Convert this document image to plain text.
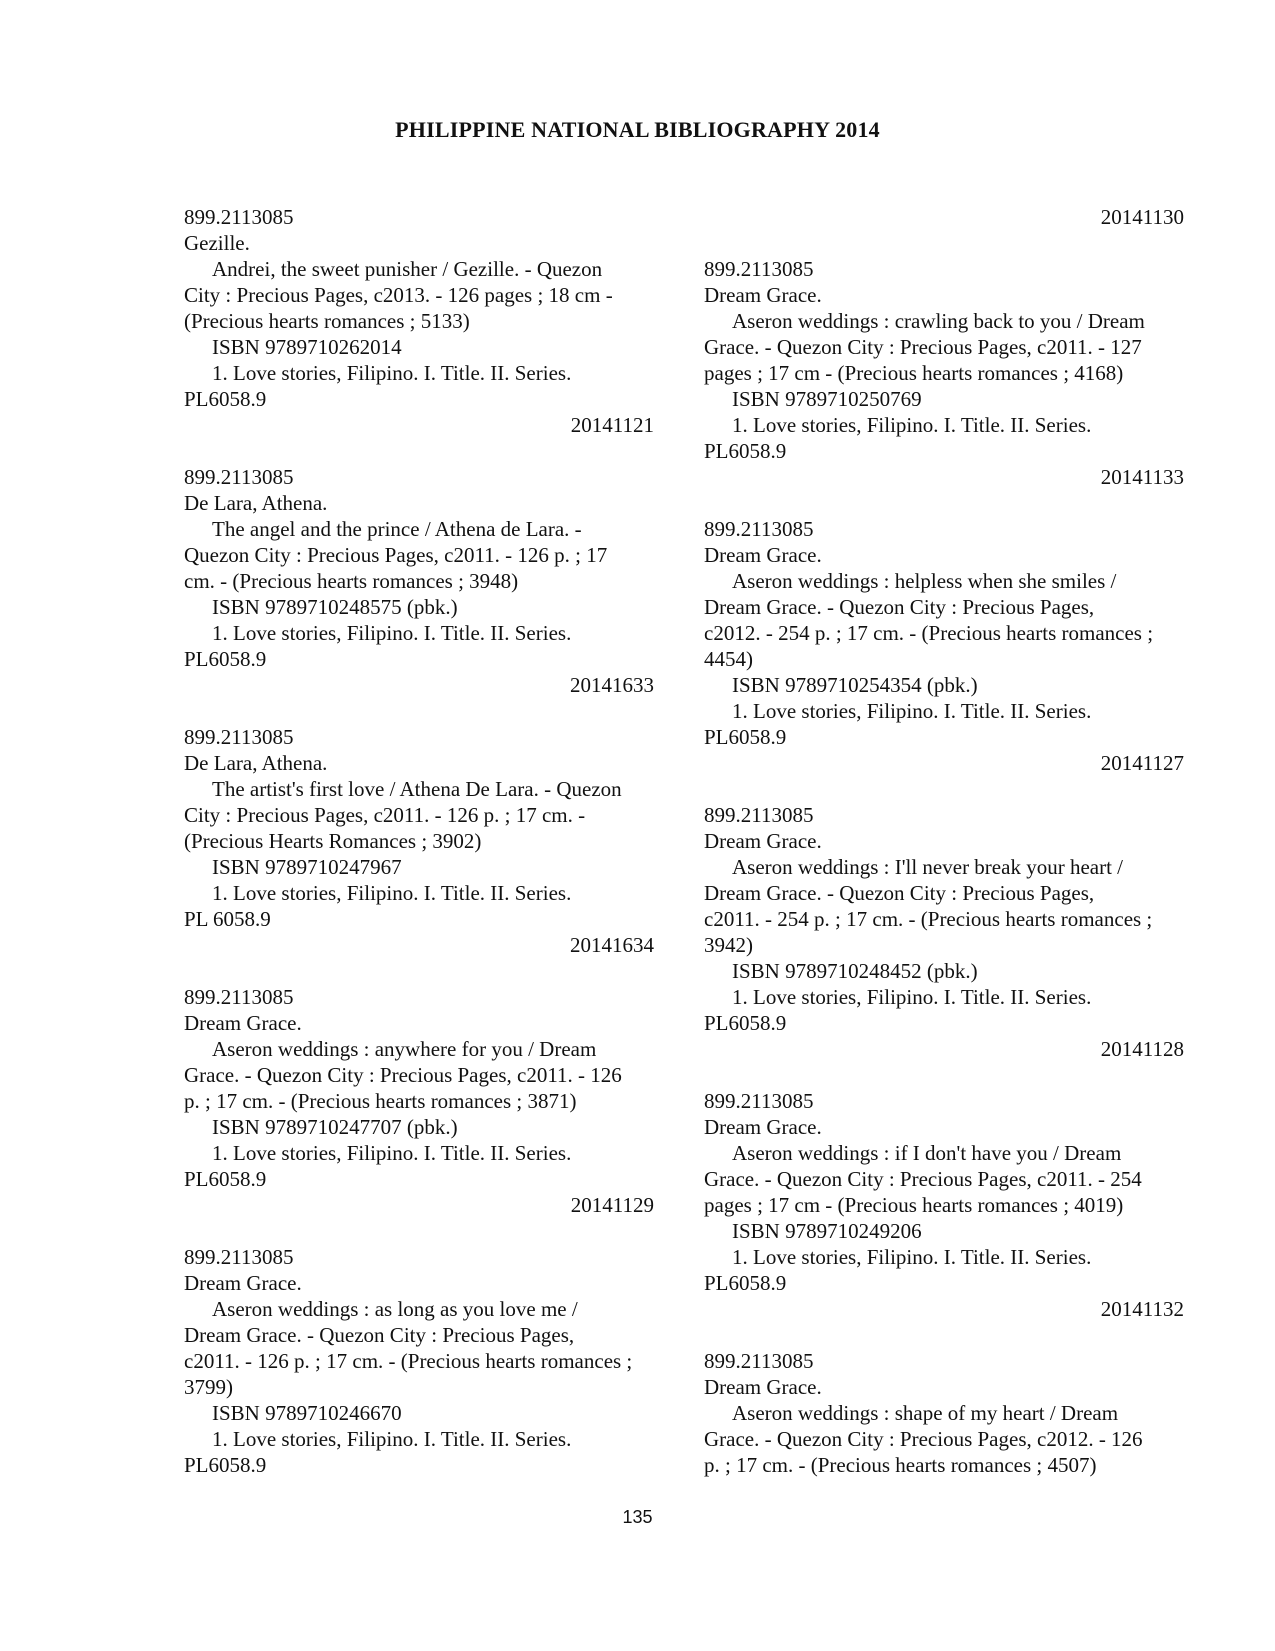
PHILIPPINE NATIONAL BIBLIOGRAPHY 2014
899.2113085
Gezille.
Andrei, the sweet punisher / Gezille. - Quezon
City : Precious Pages, c2013. - 126 pages ; 18 cm -
(Precious hearts romances ; 5133)
ISBN 9789710262014
1. Love stories, Filipino. I. Title. II. Series.
PL6058.9
20141121
899.2113085
De Lara, Athena.
The angel and the prince / Athena de Lara. -
Quezon City : Precious Pages, c2011. - 126 p. ; 17
cm. - (Precious hearts romances ; 3948)
ISBN 9789710248575 (pbk.)
1. Love stories, Filipino. I. Title. II. Series.
PL6058.9
20141633
899.2113085
De Lara, Athena.
The artist's first love / Athena De Lara. - Quezon
City : Precious Pages, c2011. - 126 p. ; 17 cm. -
(Precious Hearts Romances ; 3902)
ISBN 9789710247967
1. Love stories, Filipino. I. Title. II. Series.
PL 6058.9
20141634
899.2113085
Dream Grace.
Aseron weddings : anywhere for you / Dream
Grace. - Quezon City : Precious Pages, c2011. - 126
p. ; 17 cm. - (Precious hearts romances ; 3871)
ISBN 9789710247707 (pbk.)
1. Love stories, Filipino. I. Title. II. Series.
PL6058.9
20141129
899.2113085
Dream Grace.
Aseron weddings : as long as you love me /
Dream Grace. - Quezon City : Precious Pages,
c2011. - 126 p. ; 17 cm. - (Precious hearts romances ;
3799)
ISBN 9789710246670
1. Love stories, Filipino. I. Title. II. Series.
PL6058.9
20141130
899.2113085
Dream Grace.
Aseron weddings : crawling back to you / Dream
Grace. - Quezon City : Precious Pages, c2011. - 127
pages ; 17 cm - (Precious hearts romances ; 4168)
ISBN 9789710250769
1. Love stories, Filipino. I. Title. II. Series.
PL6058.9
20141133
899.2113085
Dream Grace.
Aseron weddings : helpless when she smiles /
Dream Grace. - Quezon City : Precious Pages,
c2012. - 254 p. ; 17 cm. - (Precious hearts romances ;
4454)
ISBN 9789710254354 (pbk.)
1. Love stories, Filipino. I. Title. II. Series.
PL6058.9
20141127
899.2113085
Dream Grace.
Aseron weddings : I'll never break your heart /
Dream Grace. - Quezon City : Precious Pages,
c2011. - 254 p. ; 17 cm. - (Precious hearts romances ;
3942)
ISBN 9789710248452 (pbk.)
1. Love stories, Filipino. I. Title. II. Series.
PL6058.9
20141128
899.2113085
Dream Grace.
Aseron weddings : if I don't have you / Dream
Grace. - Quezon City : Precious Pages, c2011. - 254
pages ; 17 cm - (Precious hearts romances ; 4019)
ISBN 9789710249206
1. Love stories, Filipino. I. Title. II. Series.
PL6058.9
20141132
899.2113085
Dream Grace.
Aseron weddings : shape of my heart / Dream
Grace. - Quezon City : Precious Pages, c2012. - 126
p. ; 17 cm. - (Precious hearts romances ; 4507)
135
